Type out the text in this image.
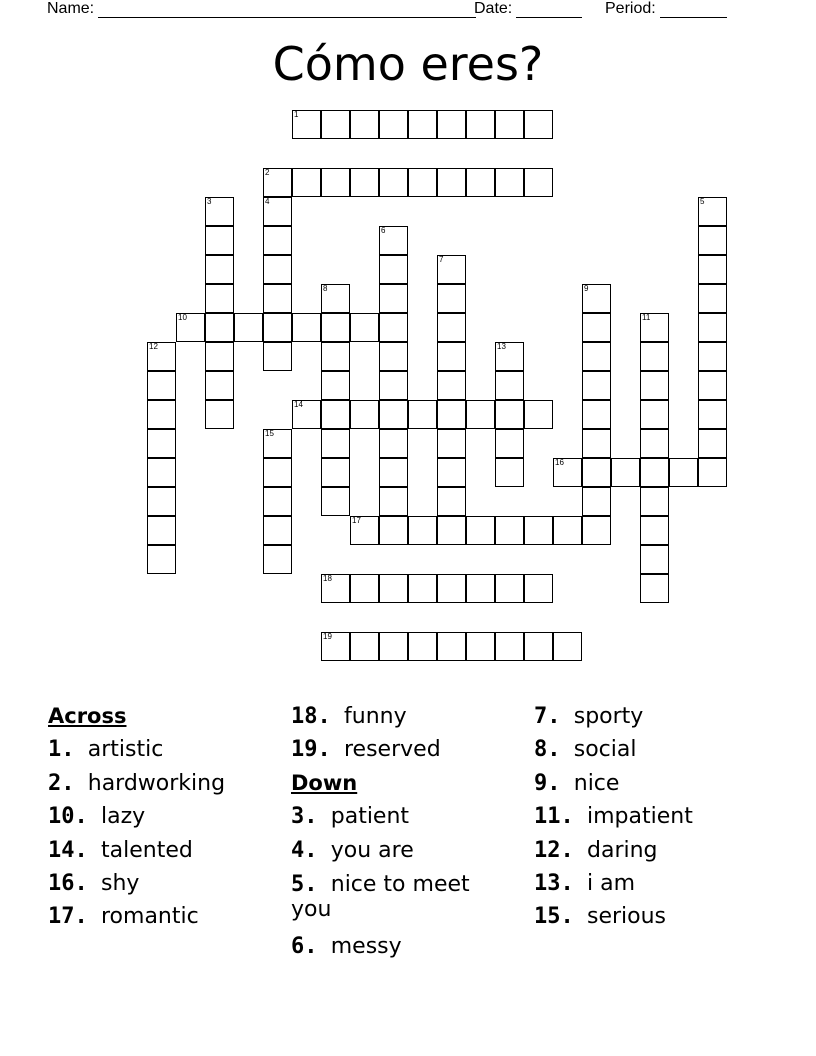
Name:	Date:	Period:
Cómo eres?
1
2
3	4	5
6
7
8	9
10	11
12	13
14
15
16
17
18
19
Across
1. artistic
2. hardworking
10. lazy
14. talented
16. shy
17. romantic
18. funny
19. reserved
Down
3. patient
4. you are
5. nice to meet you
6. messy
7. sporty
8. social
9. nice
11. impatient
12. daring
13. i am
15. serious
